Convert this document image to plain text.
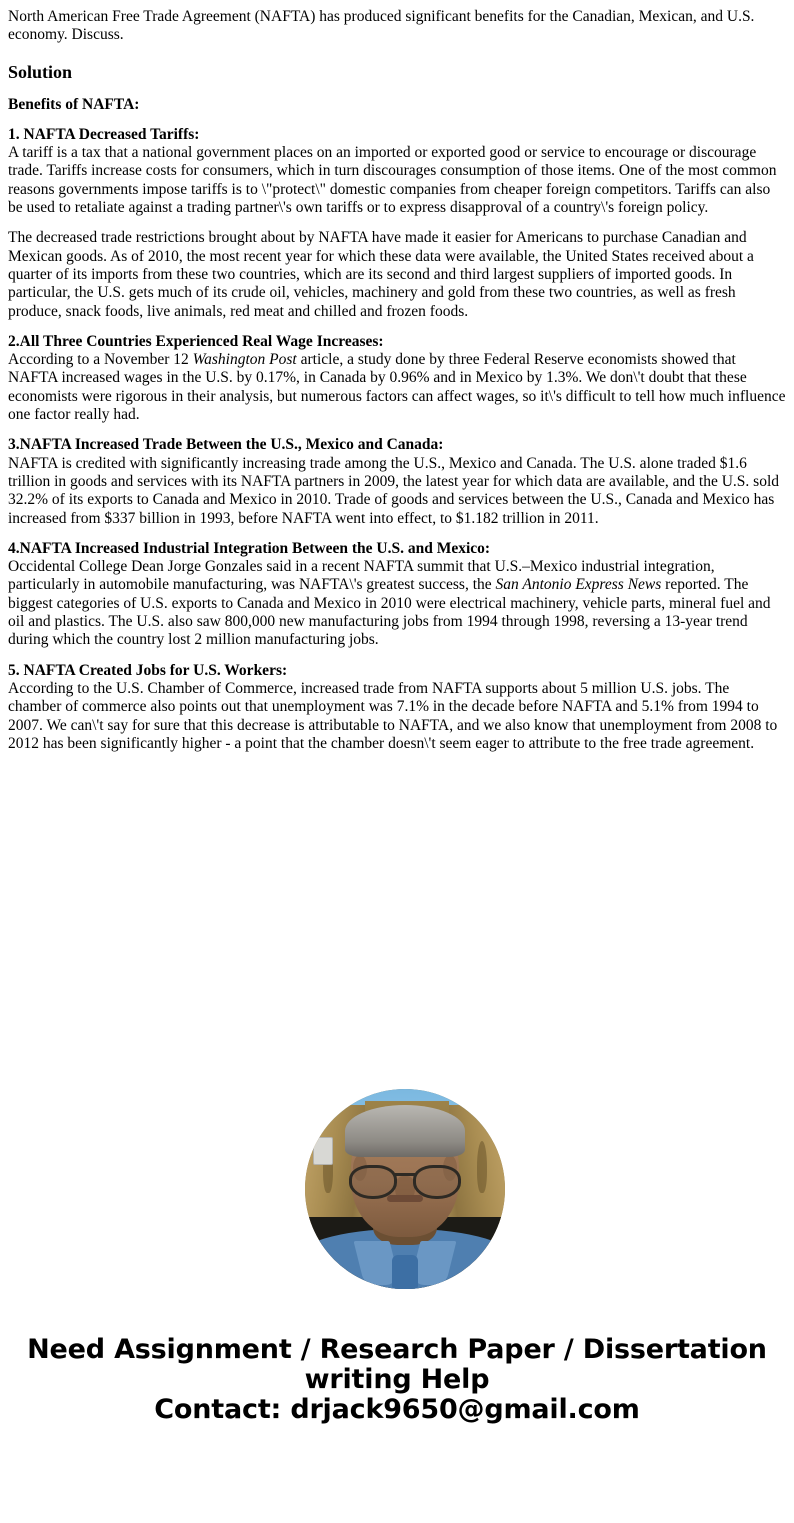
North American Free Trade Agreement (NAFTA) has produced significant benefits for the Canadian, Mexican, and U.S. economy. Discuss.

Solution
Benefits of NAFTA:
1. NAFTA Decreased Tariffs:

A tariff is a tax that a national government places on an imported or exported good or service to encourage or discourage trade. Tariffs increase costs for consumers, which in turn discourages consumption of those items. One of the most common reasons governments impose tariffs is to \"protect\" domestic companies from cheaper foreign competitors. Tariffs can also be used to retaliate against a trading partner\'s own tariffs or to express disapproval of a country\'s foreign policy.

The decreased trade restrictions brought about by NAFTA have made it easier for Americans to purchase Canadian and Mexican goods. As of 2010, the most recent year for which these data were available, the United States received about a quarter of its imports from these two countries, which are its second and third largest suppliers of imported goods. In particular, the U.S. gets much of its crude oil, vehicles, machinery and gold from these two countries, as well as fresh produce, snack foods, live animals, red meat and chilled and frozen foods.

2.All Three Countries Experienced Real Wage Increases:

According to a November 12 Washington Post article, a study done by three Federal Reserve economists showed that NAFTA increased wages in the U.S. by 0.17%, in Canada by 0.96% and in Mexico by 1.3%. We don\'t doubt that these economists were rigorous in their analysis, but numerous factors can affect wages, so it\'s difficult to tell how much influence one factor really had.

3.NAFTA Increased Trade Between the U.S., Mexico and Canada:

NAFTA is credited with significantly increasing trade among the U.S., Mexico and Canada. The U.S. alone traded $1.6 trillion in goods and services with its NAFTA partners in 2009, the latest year for which data are available, and the U.S. sold 32.2% of its exports to Canada and Mexico in 2010. Trade of goods and services between the U.S., Canada and Mexico has increased from $337 billion in 1993, before NAFTA went into effect, to $1.182 trillion in 2011.

4.NAFTA Increased Industrial Integration Between the U.S. and Mexico:

Occidental College Dean Jorge Gonzales said in a recent NAFTA summit that U.S.–Mexico industrial integration, particularly in automobile manufacturing, was NAFTA\'s greatest success, the San Antonio Express News reported. The biggest categories of U.S. exports to Canada and Mexico in 2010 were electrical machinery, vehicle parts, mineral fuel and oil and plastics. The U.S. also saw 800,000 new manufacturing jobs from 1994 through 1998, reversing a 13-year trend during which the country lost 2 million manufacturing jobs.

5. NAFTA Created Jobs for U.S. Workers:

According to the U.S. Chamber of Commerce, increased trade from NAFTA supports about 5 million U.S. jobs. The chamber of commerce also points out that unemployment was 7.1% in the decade before NAFTA and 5.1% from 1994 to 2007. We can\'t say for sure that this decrease is attributable to NAFTA, and we also know that unemployment from 2008 to 2012 has been significantly higher - a point that the chamber doesn\'t seem eager to attribute to the free trade agreement.

Need Assignment / Research Paper / Dissertation
writing Help
Contact: drjack9650@gmail.com
